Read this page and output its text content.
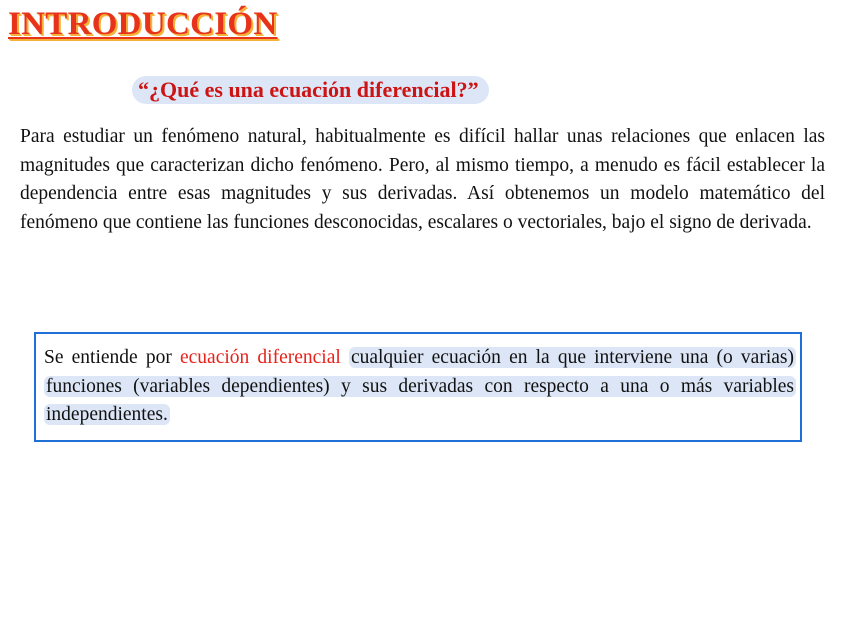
INTRODUCCIÓN

“¿Qué es una ecuación diferencial?”

Para estudiar un fenómeno natural, habitualmente es difícil hallar unas relaciones que enlacen las magnitudes que caracterizan dicho fenómeno. Pero, al mismo tiempo, a menudo es fácil establecer la dependencia entre esas magnitudes y sus derivadas. Así obtenemos un modelo matemático del fenómeno que contiene las funciones desconocidas, escalares o vectoriales, bajo el signo de derivada.

Se entiende por ecuación diferencial cualquier ecuación en la que interviene una (o varias) funciones (variables dependientes) y sus derivadas con respecto a una o más variables independientes.
